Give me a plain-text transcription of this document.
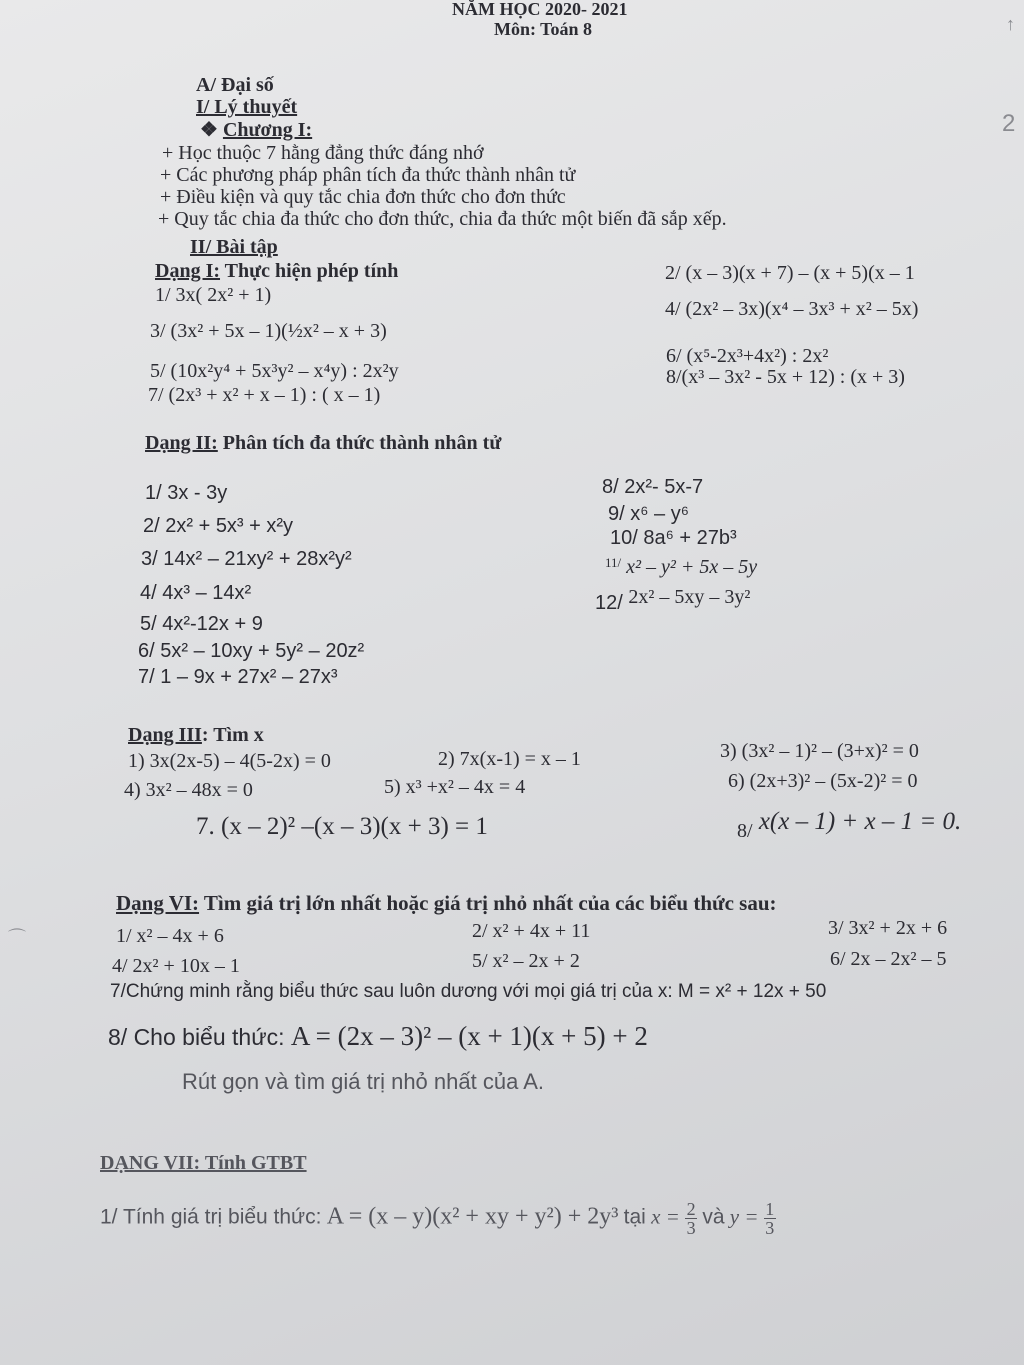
NĂM HỌC 2020- 2021
Môn: Toán 8
A/ Đại số
I/ Lý thuyết
❖ Chương I:
+ Học thuộc 7 hằng đẳng thức đáng nhớ
+ Các phương pháp phân tích đa thức thành nhân tử
+ Điều kiện và quy tắc chia đơn thức cho đơn thức
+ Quy tắc chia đa thức cho đơn thức, chia đa thức một biến đã sắp xếp.
II/ Bài tập
Dạng I: Thực hiện phép tính
1/ 3x( 2x² + 1)
2/ (x – 3)(x + 7) – (x + 5)(x – 1
3/ (3x² + 5x – 1)(½x² – x + 3)
4/ (2x² – 3x)(x⁴ – 3x³ + x² – 5x)
5/ (10x²y⁴ + 5x³y² – x⁴y) : 2x²y
6/ (x⁵-2x³+4x²) : 2x²
7/ (2x³ + x² + x – 1) : ( x – 1)
8/(x³ – 3x² - 5x + 12) : (x + 3)
Dạng II: Phân tích đa thức thành nhân tử
1/ 3x - 3y
2/ 2x² + 5x³ + x²y
3/ 14x² – 21xy² + 28x²y²
4/ 4x³ – 14x²
5/ 4x²-12x + 9
6/ 5x² – 10xy + 5y² – 20z²
7/ 1 – 9x + 27x² – 27x³
8/ 2x²- 5x-7
9/ x⁶ – y⁶
10/ 8a⁶ + 27b³
$^{11/}$ x² – y² + 5x – 5y
12/ 2x² – 5xy – 3y²
Dạng III: Tìm x
1) 3x(2x-5) – 4(5-2x) = 0	2) 7x(x-1) = x – 1	3) (3x² – 1)² – (3+x)² = 0
4) 3x² – 48x = 0	5) x³ +x² – 4x = 4	6) (2x+3)² – (5x-2)² = 0
7. (x – 2)² –(x – 3)(x + 3) = 1	$_{8/}$ x(x – 1) + x – 1 = 0.
Dạng VI: Tìm giá trị lớn nhất hoặc giá trị nhỏ nhất của các biểu thức sau:
1/ x² – 4x + 6	2/ x² + 4x + 11	3/ 3x² + 2x + 6
4/ 2x² + 10x – 1	5/ x² – 2x + 2	6/ 2x – 2x² – 5
7/Chứng minh rằng biểu thức sau luôn dương với mọi giá trị của x: M = x² + 12x + 50
8/ Cho biểu thức: A = (2x – 3)² – (x + 1)(x + 5) + 2
Rút gọn và tìm giá trị nhỏ nhất của A.
DẠNG VII: Tính GTBT
1/ Tính giá trị biểu thức: A = (x – y)(x² + xy + y²) + 2y³ tại $x = \frac{2}{3}$ và $y = \frac{1}{3}$
↑
2
⌒
